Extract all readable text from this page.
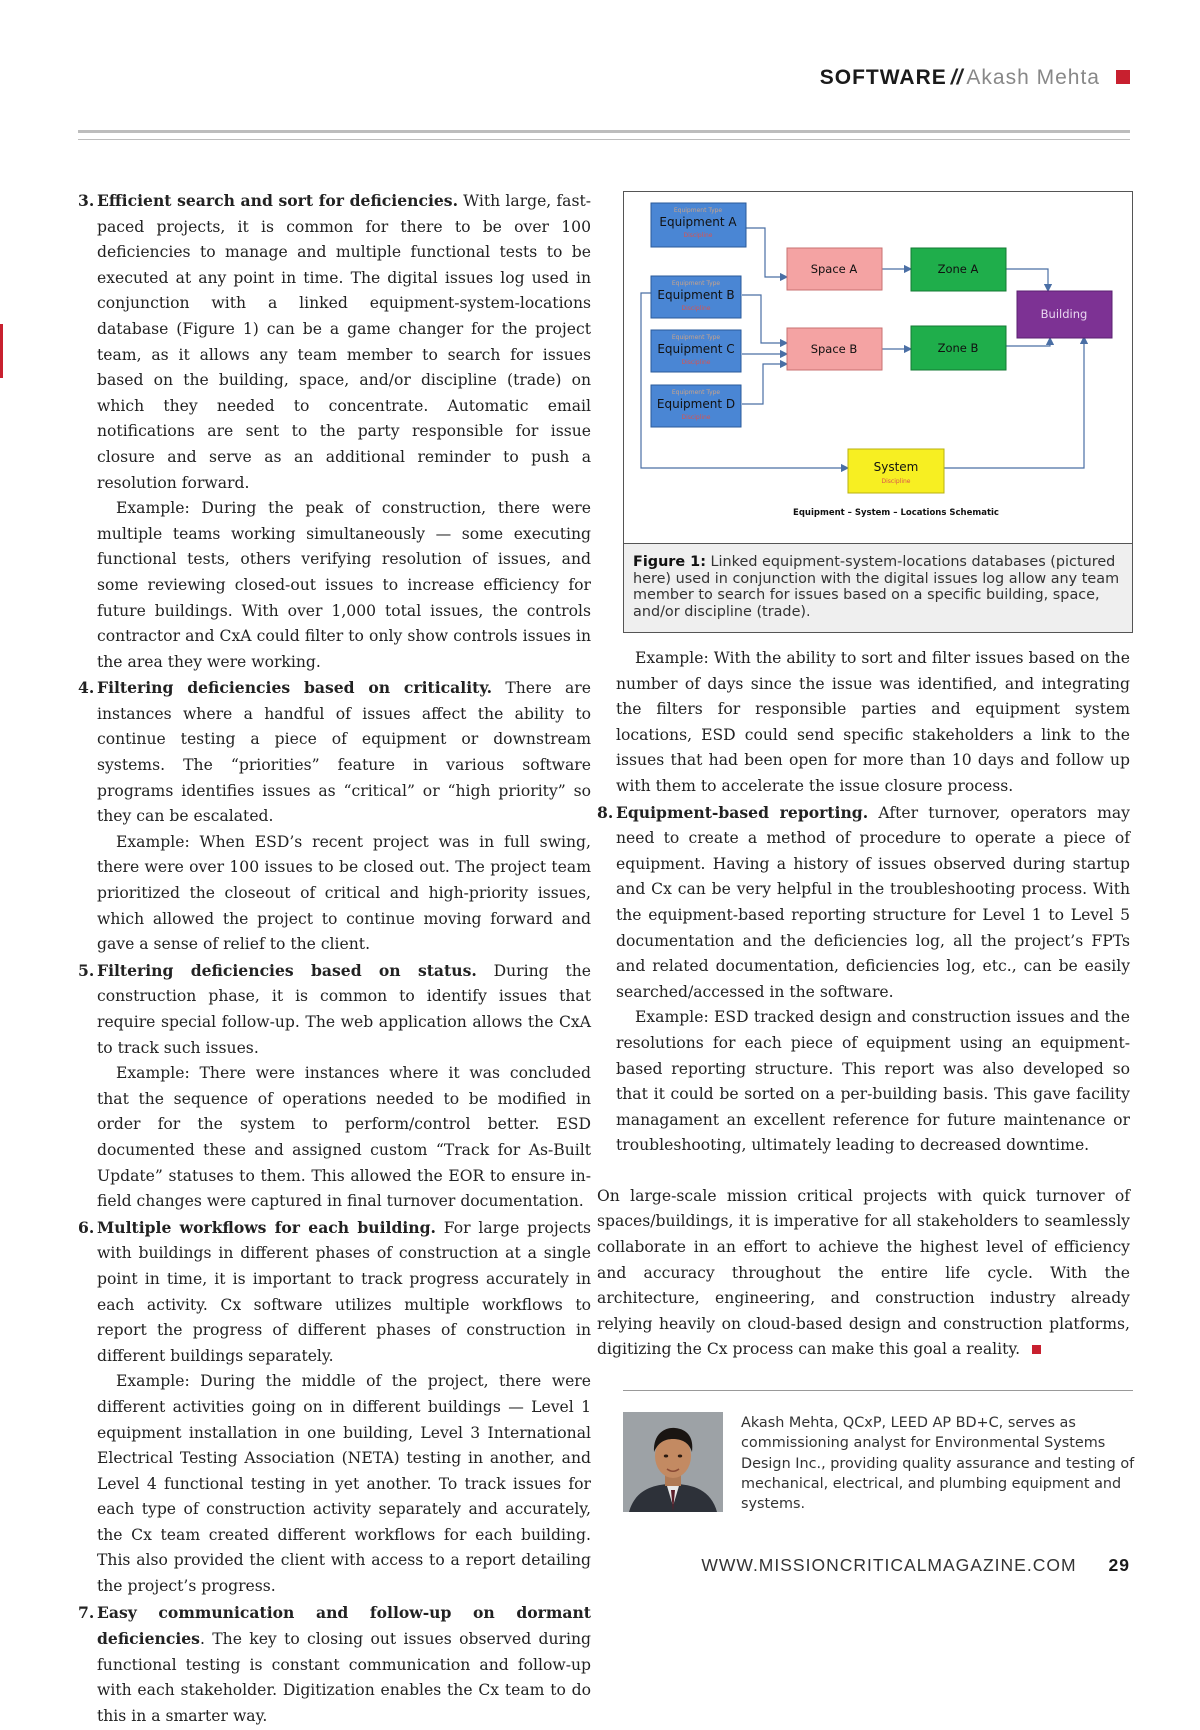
SOFTWARE // Akash Mehta
3. Efficient search and sort for deficiencies. With large, fast-paced projects, it is common for there to be over 100 deficiencies to manage and multiple functional tests to be executed at any point in time. The digital issues log used in conjunction with a linked equipment-system-locations database (Figure 1) can be a game changer for the project team, as it allows any team member to search for issues based on the building, space, and/or discipline (trade) on which they needed to concentrate. Automatic email notifications are sent to the party responsible for issue closure and serve as an additional reminder to push a resolution forward.

Example: During the peak of construction, there were multiple teams working simultaneously — some executing functional tests, others verifying resolution of issues, and some reviewing closed-out issues to increase efficiency for future buildings. With over 1,000 total issues, the controls contractor and CxA could filter to only show controls issues in the area they were working.

4. Filtering deficiencies based on criticality. There are instances where a handful of issues affect the ability to continue testing a piece of equipment or downstream systems. The “priorities” feature in various software programs identifies issues as “critical” or “high priority” so they can be escalated.

Example: When ESD’s recent project was in full swing, there were over 100 issues to be closed out. The project team prioritized the closeout of critical and high-priority issues, which allowed the project to continue moving forward and gave a sense of relief to the client.

5. Filtering deficiencies based on status. During the construction phase, it is common to identify issues that require special follow-up. The web application allows the CxA to track such issues.

Example: There were instances where it was concluded that the sequence of operations needed to be modified in order for the system to perform/control better. ESD documented these and assigned custom “Track for As-Built Update” statuses to them. This allowed the EOR to ensure in-field changes were captured in final turnover documentation.

6. Multiple workflows for each building. For large projects with buildings in different phases of construction at a single point in time, it is important to track progress accurately in each activity. Cx software utilizes multiple workflows to report the progress of different phases of construction in different buildings separately.

Example: During the middle of the project, there were different activities going on in different buildings — Level 1 equipment installation in one building, Level 3 International Electrical Testing Association (NETA) testing in another, and Level 4 functional testing in yet another. To track issues for each type of construction activity separately and accurately, the Cx team created different workflows for each building. This also provided the client with access to a report detailing the project’s progress.

7. Easy communication and follow-up on dormant deficiencies. The key to closing out issues observed during functional testing is constant communication and follow-up with each stakeholder. Digitization enables the Cx team to do this in a smarter way.

Equipment Type
Equipment A
Discipline
Equipment Type
Equipment B
Discipline
Equipment Type
Equipment C
Discipline
Equipment Type
Equipment D
Discipline
Space A
Space B
Zone A
Zone B
Building
System
Discipline
Equipment – System – Locations Schematic
Figure 1: Linked equipment-system-locations databases (pictured here) used in conjunction with the digital issues log allow any team member to search for issues based on a specific building, space, and/or discipline (trade).

Example: With the ability to sort and filter issues based on the number of days since the issue was identified, and integrating the filters for responsible parties and equipment system locations, ESD could send specific stakeholders a link to the issues that had been open for more than 10 days and follow up with them to accelerate the issue closure process.

8. Equipment-based reporting. After turnover, operators may need to create a method of procedure to operate a piece of equipment. Having a history of issues observed during startup and Cx can be very helpful in the troubleshooting process. With the equipment-based reporting structure for Level 1 to Level 5 documentation and the deficiencies log, all the project’s FPTs and related documentation, deficiencies log, etc., can be easily searched/accessed in the software.

Example: ESD tracked design and construction issues and the resolutions for each piece of equipment using an equipment-based reporting structure. This report was also developed so that it could be sorted on a per-building basis. This gave facility managament an excellent reference for future maintenance or troubleshooting, ultimately leading to decreased downtime.

On large-scale mission critical projects with quick turnover of spaces/buildings, it is imperative for all stakeholders to seamlessly collaborate in an effort to achieve the highest level of efficiency and accuracy throughout the entire life cycle. With the architecture, engineering, and construction industry already relying heavily on cloud-based design and construction platforms, digitizing the Cx process can make this goal a reality.

Akash Mehta, QCxP, LEED AP BD+C, serves as commissioning analyst for Environmental Systems Design Inc., providing quality assurance and testing of mechanical, electrical, and plumbing equipment and systems.
WWW.MISSIONCRITICALMAGAZINE.COM 29
